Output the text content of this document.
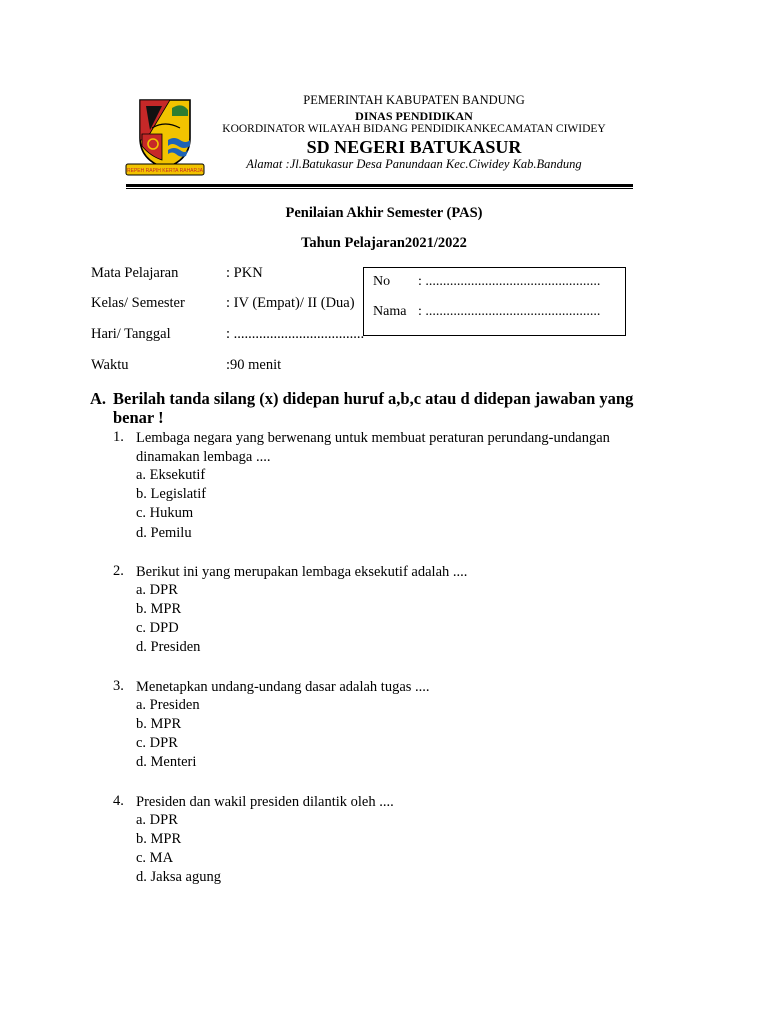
REPEH RAPIH KERTA RAHARJA
PEMERINTAH KABUPATEN BANDUNG
DINAS PENDIDIKAN
KOORDINATOR WILAYAH BIDANG PENDIDIKANKECAMATAN CIWIDEY
SD NEGERI BATUKASUR
Alamat :Jl.Batukasur Desa Panundaan Kec.Ciwidey Kab.Bandung
Penilaian Akhir Semester (PAS)
Tahun Pelajaran2021/2022
Mata Pelajaran	: PKN
Kelas/ Semester	: IV (Empat)/ II (Dua)
Hari/ Tanggal	: ....................................
Waktu	:90 menit
No : ..................................................
Nama : ..................................................
A. Berilah tanda silang (x) didepan huruf a,b,c atau d didepan jawaban yang benar !
1. Lembaga negara yang berwenang untuk membuat peraturan perundang-undangan dinamakan lembaga ....
a. Eksekutif
b. Legislatif
c. Hukum
d. Pemilu
2. Berikut ini yang merupakan lembaga eksekutif adalah ....
a. DPR
b. MPR
c. DPD
d. Presiden
3. Menetapkan undang-undang dasar adalah tugas ....
a. Presiden
b. MPR
c. DPR
d. Menteri
4. Presiden dan wakil presiden dilantik oleh ....
a. DPR
b. MPR
c. MA
d. Jaksa agung
